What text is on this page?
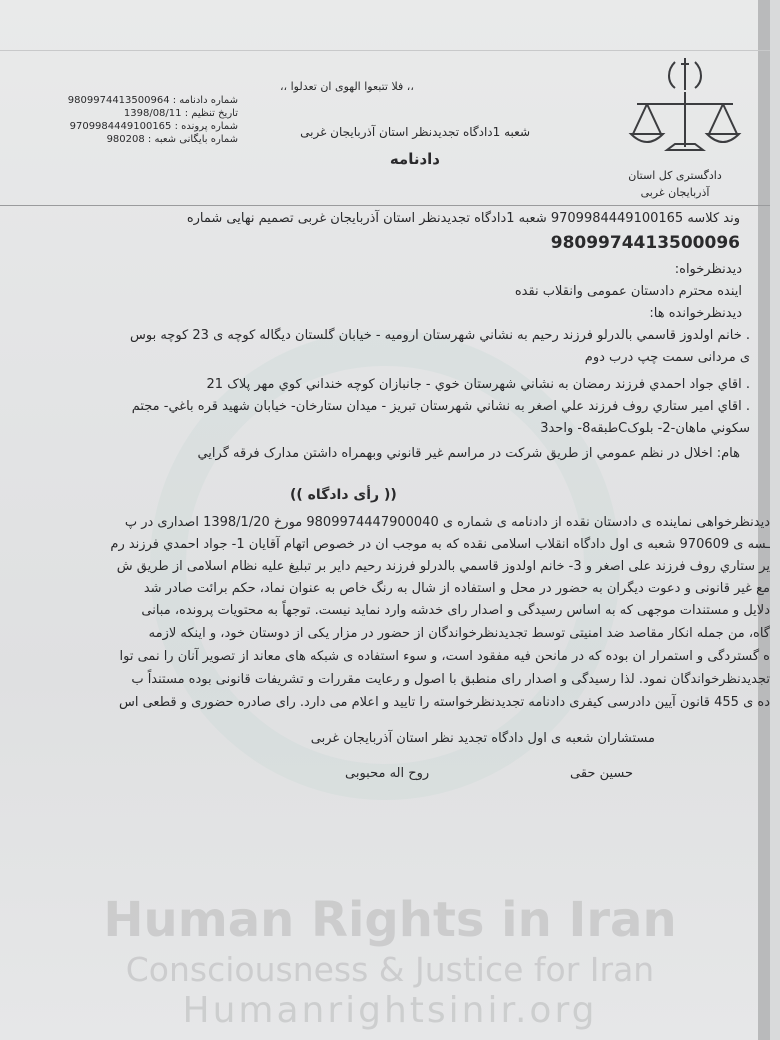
شماره دادنامه : 9809974413500964
تاریخ تنظیم : 1398/08/11
شماره پرونده : 9709984449100165
شماره بایگانی شعبه : 980208
،، فلا تتبعوا الهوی ان تعدلوا ،،
شعبه 1دادگاه تجدیدنظر استان آذربایجان غربی
دادنامه
دادگستری کل استان آذربایجان غربی
وند کلاسه 9709984449100165 شعبه 1دادگاه تجدیدنظر استان آذربایجان غربی تصمیم نهایی شماره
9809974413500096
دیدنظرخواه:
اینده محترم دادستان عمومی وانقلاب نقده
دیدنظرخوانده ها:
. خانم اولدوز قاسمي بالدرلو فرزند رحیم به نشاني شهرستان ارومیه - خیابان گلستان دیگاله کوچه ی 23 کوچه بوس
ی مردانی سمت چپ درب دوم
. اقاي جواد احمدي فرزند رمضان به نشاني شهرستان خوي - جانبازان کوچه خنداني کوي مهر پلاک 21
. اقاي امير ستاري روف فرزند علي اصغر به نشاني شهرستان تبریز - میدان ستارخان- خیابان شهید قره باغي- مجتم
سکوني ماهان-2- بلوکCطبقه8- واحد3
هام: اخلال در نظم عمومي از طريق شرکت در مراسم غیر قانوني وبهمراه داشتن مدارک فرقه گرايي
(( رأی دادگاه ))
دیدنظرخواهی نماینده ی دادستان نقده از دادنامه ی شماره ی 9809974447900040 مورخ 1398/1/20 اصداری در پ
ـسه ی 970609 شعبه ی اول دادگاه انقلاب اسلامی نقده که به موجب ان در خصوص اتهام آقایان 1- جواد احمدي فرزند رم
یر ستاري روف فرزند علی اصغر و 3- خانم اولدوز قاسمي بالدرلو فرزند رحیم دایر بر تبلیغ علیه نظام اسلامی از طریق ش
مع غیر قانونی و دعوت دیگران به حضور در محل و استفاده از شال به رنگ خاص به عنوان نماد، حکم برائت صادر شد
دلایل و مستندات موجهی که به اساس رسیدگی و اصدار رای خدشه وارد نماید نیست. توجهاً به محتویات پرونده، مبانی
گاه، من جمله انکار مقاصد ضد امنیتی توسط تجدیدنظرخواندگان از حضور در مزار یکی از دوستان خود، و اینکه لازمه
ه گستردگی و استمرار ان بوده که در مانحن فیه مفقود است، و سوء استفاده ی شبکه های معاند از تصویر آنان را نمی توا
تجدیدنظرخواندگان نمود. لذا رسیدگی و اصدار رای منطبق با اصول و رعایت مقررات و تشریفات قانونی بوده مستنداً ب
ده ی 455 قانون آیین دادرسی کیفری دادنامه تجدیدنظرخواسته را تایید و اعلام می دارد. رای صادره حضوری و قطعی اس
مستشاران شعبه ی اول دادگاه تجدید نظر استان آذربایجان غربی
حسین حقی
روح اله محبوبی
Human Rights in Iran
Consciousness & Justice for Iran
Humanrightsinir.org
